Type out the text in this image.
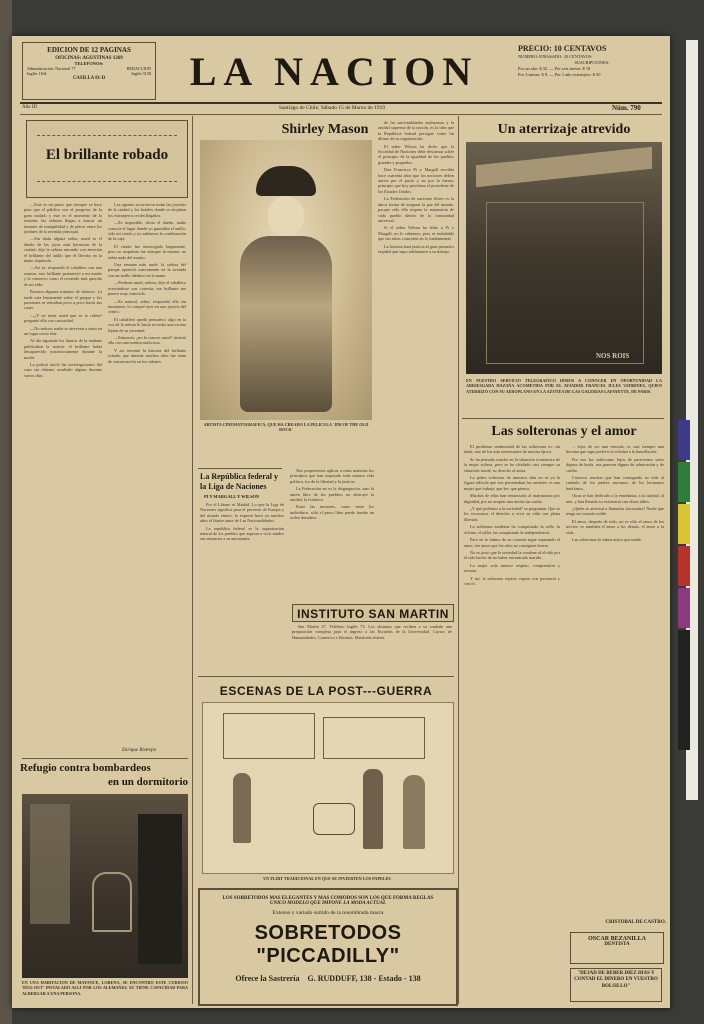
EDICION DE 12 PAGINAS
OFICINAS: AGUSTINAS 1269
TELEFONOS:
Administración: Nacional 77	REDACCION
Inglés 1164	Inglés 3158
CASILLA 81-D	LA NACION
PRECIO: 10 CENTAVOS
NUMERO ATRASADO: 20 CENTAVOS
SUSCRIPCIONES:
Por un año: $ 35. — Por seis meses: $ 18
Por 3 meses: $ 9. — Por 1 año extranjero: $ 50
Año III	Santiago de Chile, Sábado 15 de Marzo de 1919	Núm. 790
El brillante robado

—Este es un paseo que siempre se hace para que el público vea el progreso de la gran ciudad; y este es el momento de la reunión, las señoras llegan a buscar un instante de tranquilidad y de placer entre los jardines de la avenida principal.

—Sin duda alguna señor, usted es el dueño de las joyas más hermosas de la ciudad; dijo la señora mirando con atención el brillante del anillo que él llevaba en la mano izquierda.

—Así es, respondió el caballero con una sonrisa, este brillante perteneció a mi madre y lo conservo como el recuerdo más querido de mi vida.

Pasaron algunos minutos de silencio. La tarde caía lentamente sobre el parque y los paseantes se retiraban poco a poco hacia sus casas.

—¿Y no teme usted que se lo roben? preguntó ella con curiosidad.

—No señora; nadie se atrevería a tanto en un lugar como éste.

Al día siguiente los diarios de la mañana publicaban la noticia: el brillante había desaparecido misteriosamente durante la noche.

La policía inició las investigaciones del caso sin obtener resultado alguno durante varios días.

Los agentes recorrieron todas las joyerías de la ciudad y los hoteles donde se alojaban los extranjeros recién llegados.

—Es imposible, decía el dueño, nadie conocía el lugar donde yo guardaba el anillo; sólo mi criado y yo sabíamos la combinación de la caja.

El criado fue interrogado largamente, pero su respuesta fue siempre la misma: no sabía nada del asunto.

Una semana más tarde, la señora del parque apareció nuevamente en la avenida con un anillo idéntico en la mano.

—Perdone usted, señora, dijo el caballero acercándose con cortesía; ese brillante me parece muy conocido.

—Es natural, señor, respondió ella sin inmutarse; lo compré ayer en una joyería del centro.

El caballero quedó pensativo; algo en la voz de la señora le hacía recordar una escena lejana de su juventud.

—Entonces, ¿no lo conoce usted? insistió ella con una sonrisa maliciosa.

Y así terminó la historia del brillante robado, que durante muchos años fue tema de conversación en los salones.

Enrique Ristrepo
Refugio contra bombardeos
en un dormitorio
EN UNA HABITACION DE MAYANCE, LORENA, SE ENCONTRO ESTE CURIOSO 'DUG-OUT' INSTALADO ALLI POR LOS ALEMANES. SU TIENE CAPACIDAD PARA ALBERGAR A UNA PERSONA.
Shirley Mason
ARTISTA CINEMATOGRAFICA, QUE HA CREADO LA PELICULA 'JIM OF THE OLD ROCK'

de las nacionalidades autónomas y la unidad suprema de la nación, es la idea que la República federal persigue como fin último de su organización.

El señor Wilson ha dicho que la Sociedad de Naciones debe descansar sobre el principio de la igualdad de los pueblos grandes y pequeños.

Don Francisco Pi y Margall escribía hace cuarenta años que las naciones deben unirse por el pacto y no por la fuerza, principio que hoy proclama el presidente de los Estados Unidos.

La Federación de naciones libres es la única forma de asegurar la paz del mundo, porque sólo ella respeta la autonomía de cada pueblo dentro de la comunidad universal.

Si el señor Wilson ha leído a Pi y Margall, no lo sabemos; pero es indudable que sus ideas coinciden en lo fundamental.

La historia hará justicia al gran pensador español que supo adelantarse a su tiempo.

La República federal y la Liga de Naciones
PI Y MARGALL Y WILSON

Por el Líbano sé Madrid. Lo que la Liga de Naciones significa para el porvenir de Europa y del mundo entero, lo expresó hace ya muchos años el ilustre autor de Las Nacionalidades.

La república federal es la organización natural de los pueblos que aspiran a vivir unidos sin renunciar a su autonomía.

Nos proponemos aplicar a estas materias los principios que han inspirado toda nuestra vida política, los de la libertad y la justicia.

La Federación no es la disgregación, sino la unión libre de los pueblos; no destruye la unidad, la fortalece.

Entre las naciones, como entre los individuos, sólo el pacto libre puede fundar un orden duradero.

INSTITUTO SAN MARTIN

San Martín 47, Teléfono Inglés 73. Los alumnos que reciben a su cuidado una preparación completa para el ingreso a las Escuelas de la Universidad. Cursos de Humanidades, Comercio e Idiomas. Matrícula abierta.

ESCENAS DE LA POST---GUERRA
UN FLIRT TRADICIONAL EN QUE SE INVIERTEN LOS PAPELES
LOS SOBRETODOS MAS ELEGANTES Y MAS COMODOS SON LOS QUE FORMA REGLAS
UNICO MODELO QUE IMPONE LA MODA ACTUAL
Extenso y variado surtido de la renombrada marca
SOBRETODOS "PICCADILLY"
Ofrece la Sastrería G. RUDDUFF, 138 - Estado - 138
Un aterrizaje atrevido
NOS ROIS
EN NUESTRO SERVICIO TELEGRAFICO DIMOS A CONOCER EN OPORTUNIDAD LA ARRIESGADA HAZAÑA ACOMETIDA POR EL AVIADOR FRANCES JULES VEDRINES, QUIEN ATERRIZO CON SU AEROPLANO EN LA AZOTEA DE LAS GALERIAS LAFAYETTE, DE PARIS.
Las solteronas y el amor

El problema sentimental de las solteronas es, sin duda, uno de los más interesantes de nuestra época.

Se ha pensado mucho en la situación económica de la mujer soltera, pero se ha olvidado casi siempre su situación moral, su derecho al amor.

La pobre solterona de nuestros días no es ya la figura ridícula que nos presentaban los sainetes; es una mujer que trabaja, que lee, que piensa.

Muchas de ellas han renunciado al matrimonio por dignidad, por no aceptar una unión sin cariño.

¿Y qué pedimos a la sociedad? se preguntan. Que se les reconozca el derecho a vivir su vida con plena libertad.

La solterona moderna ha conquistado la calle, la oficina, el taller; ha conquistado la independencia.

Pero en lo íntimo de su corazón sigue esperando el amor, ese amor que los años no consiguen borrar.

No es justo que la sociedad la condene al olvido por el solo hecho de no haber encontrado marido.

La mujer sola merece respeto, comprensión y ternura.

Y así, la solterona espera; espera con paciencia y con fe.

... lejos de ser una vencida, es casi siempre una heroína que supo preferir la soledad a la humillación.

Por eso las solteronas, lejos de parecernos seres dignos de burla, nos parecen dignas de admiración y de cariño.

Conozco muchas que han consagrado su vida al cuidado de los padres ancianos, de los hermanos huérfanos.

Otras se han dedicado a la enseñanza, a la caridad, al arte, y han llenado su existencia con obras útiles.

¿Quién se atreverá a llamarlas fracasadas? Nadie que tenga un corazón noble.

El amor, después de todo, no es sólo el amor de los novios; es también el amor a los demás, el amor a la vida.

Las solteronas lo saben mejor que nadie.

CRISTOBAL DE CASTRO.
OSCAR BEZANILLA
DENTISTA
"DEJAD DE BEBER DIEZ DIAS Y CONTAD EL DINERO EN VUESTRO BOLSILLO"
